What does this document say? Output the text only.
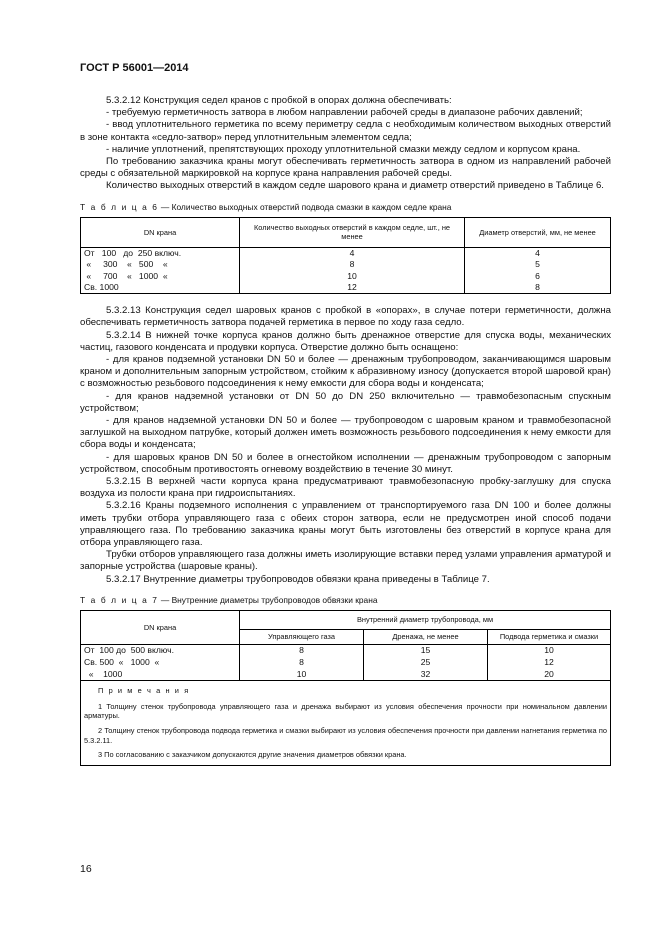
ГОСТ Р 56001—2014

5.3.2.12 Конструкция седел кранов с пробкой в опорах должна обеспечивать:

- требуемую герметичность затвора в любом направлении рабочей среды в диапазоне рабочих давлений;

- ввод уплотнительного герметика по всему периметру седла с необходимым количеством выходных отверстий в зоне контакта «седло-затвор» перед уплотнительным элементом седла;

- наличие уплотнений, препятствующих проходу уплотнительной смазки между седлом и корпусом крана.

По требованию заказчика краны могут обеспечивать герметичность затвора в одном из направлений рабочей среды с обязательной маркировкой на корпусе крана направления рабочей среды.

Количество выходных отверстий в каждом седле шарового крана и диаметр отверстий приведено в Таблице 6.

Т а б л и ц а 6 — Количество выходных отверстий подвода смазки в каждом седле крана
DN крана	Количество выходных отверстий в каждом седле, шт., не менее	Диаметр отверстий, мм, не менее
От   100   до  250 включ.	4	4
«     300    «   500    «	8	5
«     700    «   1000  «	10	6
Св. 1000	12	8

5.3.2.13 Конструкция седел шаровых кранов с пробкой в «опорах», в случае потери герметичности, должна обеспечивать герметичность затвора подачей герметика в первое по ходу газа седло.

5.3.2.14 В нижней точке корпуса кранов должно быть дренажное отверстие для спуска воды, механических частиц, газового конденсата и продувки корпуса. Отверстие должно быть оснащено:

- для кранов подземной установки DN 50 и более — дренажным трубопроводом, заканчивающимся шаровым краном и дополнительным запорным устройством, стойким к абразивному износу (допускается второй шаровой кран) с возможностью резьбового подсоединения к нему емкости для сбора воды и конденсата;

- для кранов надземной установки от DN 50 до DN 250 включительно — травмобезопасным спускным устройством;

- для кранов надземной установки DN 50 и более — трубопроводом с шаровым краном и травмобезопасной заглушкой на выходном патрубке, который должен иметь возможность резьбового подсоединения к нему емкости для сбора воды и конденсата;

- для шаровых кранов DN 50 и более в огнестойком исполнении — дренажным трубопроводом с запорным устройством, способным противостоять огневому воздействию в течение 30 минут.

5.3.2.15 В верхней части корпуса крана предусматривают травмобезопасную пробку-заглушку для спуска воздуха из полости крана при гидроиспытаниях.

5.3.2.16 Краны подземного исполнения с управлением от транспортируемого газа DN 100 и более должны иметь трубки отбора управляющего газа с обеих сторон затвора, если не предусмотрен иной способ подачи управляющего газа. По требованию заказчика краны могут быть изготовлены без отверстий в корпусе крана для отбора управляющего газа.

Трубки отборов управляющего газа должны иметь изолирующие вставки перед узлами управления арматурой и запорные устройства (шаровые краны).

5.3.2.17 Внутренние диаметры трубопроводов обвязки крана приведены в Таблице 7.

Т а б л и ц а 7 — Внутренние диаметры трубопроводов обвязки крана
DN крана	Внутренний диаметр трубопровода, мм		
	Управляющего газа	Дренажа, не менее	Подвода герметика и смазки
От  100 до  500 включ.	8	15	10
Св. 500  «   1000  «	8	25	12
«    1000	10	32	20

П р и м е ч а н и я
1 Толщину стенок трубопровода управляющего газа и дренажа выбирают из условия обеспечения прочности при номинальном давлении арматуры.
2 Толщину стенок трубопровода подвода герметика и смазки выбирают из условия обеспечения прочности при давлении нагнетания герметика по 5.3.2.11.
3 По согласованию с заказчиком допускаются другие значения диаметров обвязки крана.			
16
